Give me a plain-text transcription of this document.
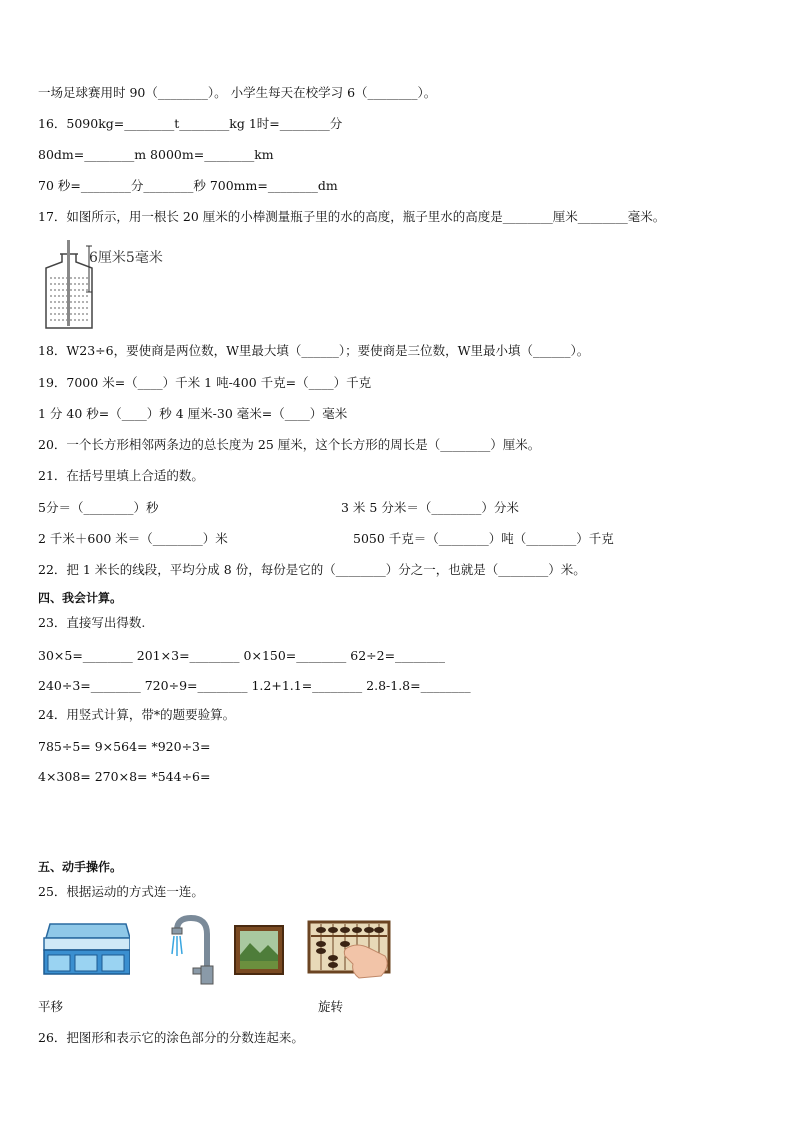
一场足球赛用时 90（________）。 小学生每天在校学习 6（________）。
16．5090kg=________t________kg 1时=________分
80dm=________m 8000m=________km
70 秒=________分________秒 700mm=________dm
17．如图所示，用一根长 20 厘米的小棒测量瓶子里的水的高度，瓶子里水的高度是________厘米________毫米。
6厘米5毫米
18．W23÷6，要使商是两位数，W里最大填（______）；要使商是三位数，W里最小填（______）。
19．7000 米=（____）千米 1 吨-400 千克=（____）千克
1 分 40 秒=（____）秒 4 厘米-30 毫米=（____）毫米
20．一个长方形相邻两条边的总长度为 25 厘米，这个长方形的周长是（________）厘米。
21．在括号里填上合适的数。
5分＝（________）秒	3 米 5 分米＝（________）分米
2 千米＋600 米＝（________）米	5050 千克＝（________）吨（________）千克
22．把 1 米长的线段，平均分成 8 份，每份是它的（________）分之一，也就是（________）米。
四、我会计算。
23．直接写出得数.
30×5=________ 201×3=________ 0×150=________ 62÷2=________
240÷3=________ 720÷9=________ 1.2+1.1=________ 2.8-1.8=________
24．用竖式计算，带*的题要验算。
785÷5= 9×564= *920÷3=
4×308= 270×8= *544÷6=
五、动手操作。
25．根据运动的方式连一连。
平移	旋转
26．把图形和表示它的涂色部分的分数连起来。
